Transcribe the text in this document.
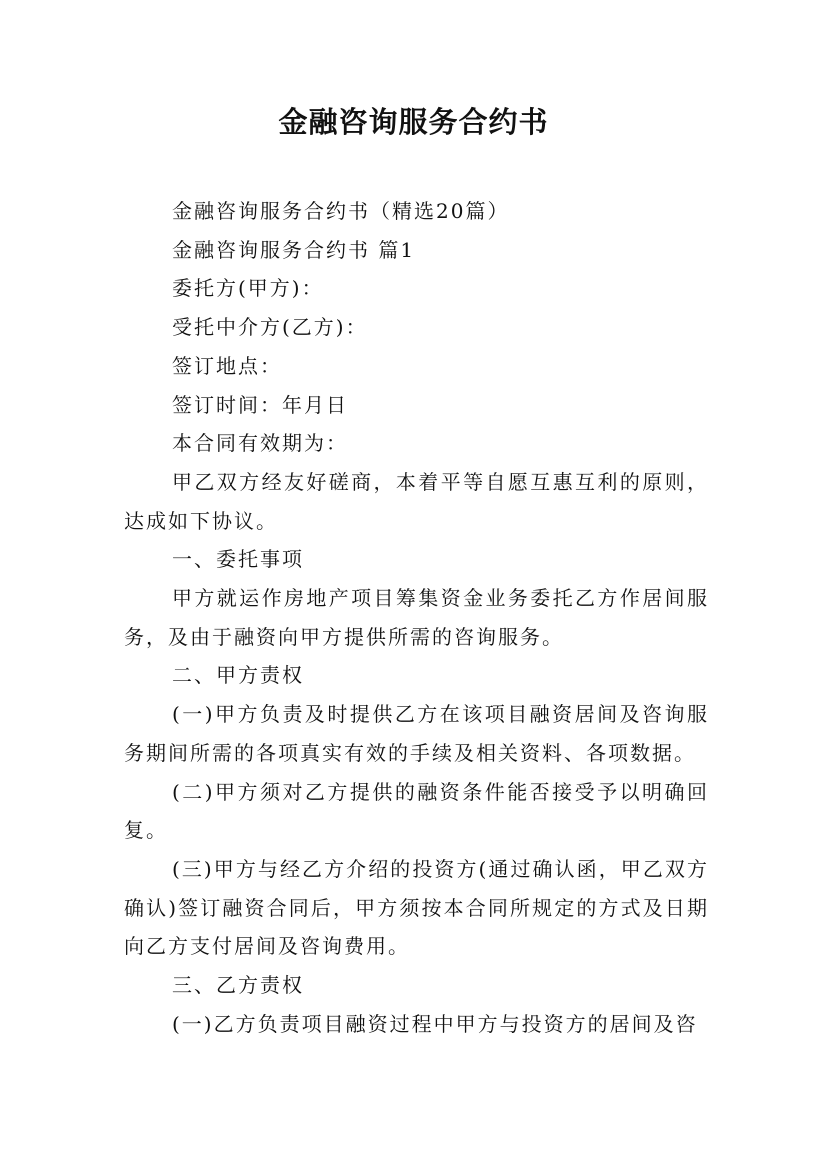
金融咨询服务合约书

金融咨询服务合约书（精选20篇）

金融咨询服务合约书 篇1

委托方(甲方)：

受托中介方(乙方)：

签订地点：

签订时间：年月日

本合同有效期为：

甲乙双方经友好磋商，本着平等自愿互惠互利的原则，达成如下协议。

一、委托事项

甲方就运作房地产项目筹集资金业务委托乙方作居间服务，及由于融资向甲方提供所需的咨询服务。

二、甲方责权

(一)甲方负责及时提供乙方在该项目融资居间及咨询服务期间所需的各项真实有效的手续及相关资料、各项数据。

(二)甲方须对乙方提供的融资条件能否接受予以明确回复。

(三)甲方与经乙方介绍的投资方(通过确认函，甲乙双方确认)签订融资合同后，甲方须按本合同所规定的方式及日期向乙方支付居间及咨询费用。

三、乙方责权

(一)乙方负责项目融资过程中甲方与投资方的居间及咨
